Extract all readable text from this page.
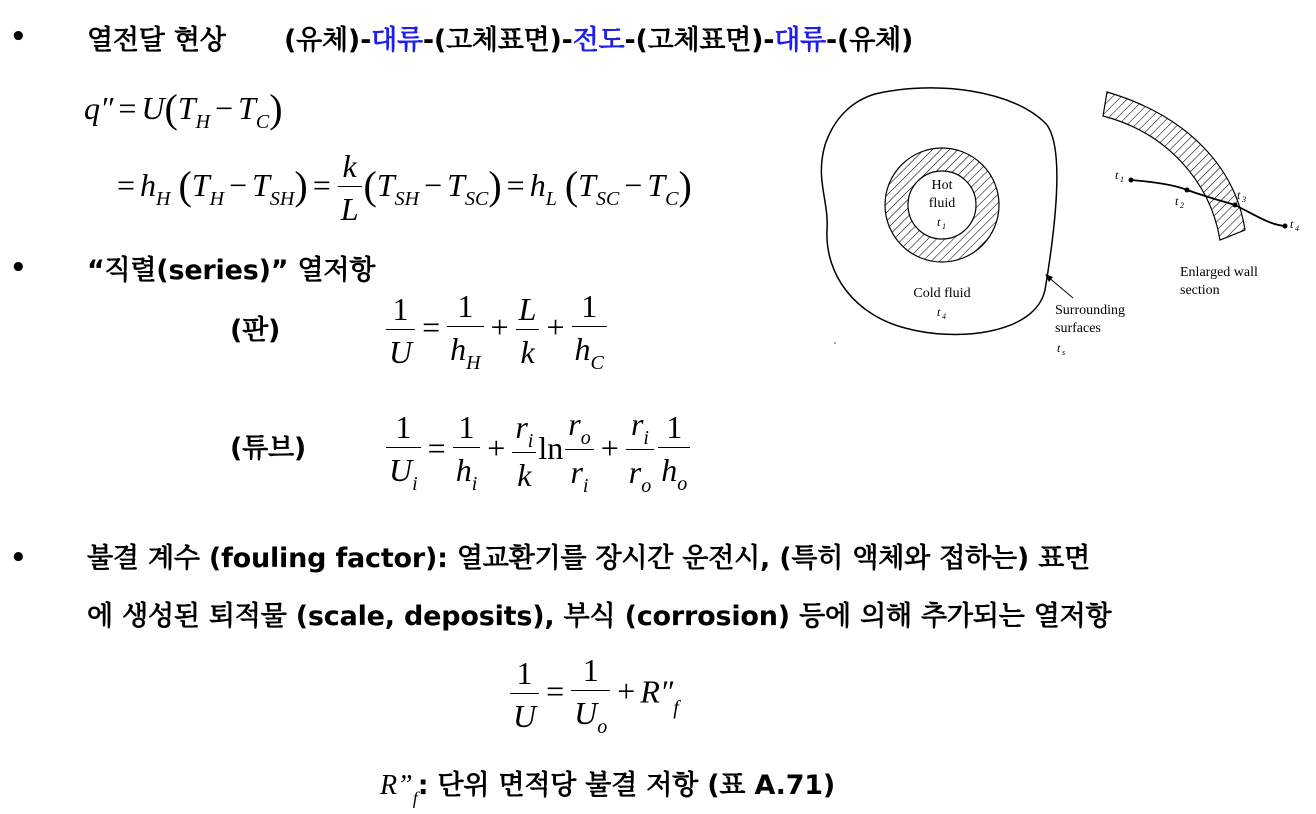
• 열전달 현상 (유체)-대류-(고체표면)-전도-(고체표면)-대류-(유체)
$q'' = U(T_H - T_C)$
= $h_H$ $(T_H - T_{SH}) = \frac{k}{L} (T_{SH} - T_{SC}) = h_L$ $(T_{SC} - T_C)$
• “직렬(series)” 열저항
(판)	$\frac{1}{U} = \frac{1}{h_H} + \frac{L}{k} + \frac{1}{h_C}$
(튜브) $\frac{1}{U_i} = \frac{1}{h_i} + \frac{r_i}{k}$ $\ln \frac{r_o}{r_i} + \frac{r_i}{r_o} \frac{1}{h_o}$
• 불결 계수 (fouling factor): 열교환기를 장시간 운전시, (특히 액체와 접하는) 표면
에 생성된 퇴적물 (scale, deposits), 부식 (corrosion) 등에 의해 추가되는 열저항
$\frac{1}{U} = \frac{1}{U_o} + R''_f$
R”f: 단위 면적당 불결 저항 (표 A.71)
Hot
fluid
t 1
Cold fluid
t 4	Surrounding
surfaces
t s
t 1
t 2
t 3
t 4
Enlarged wall
section
